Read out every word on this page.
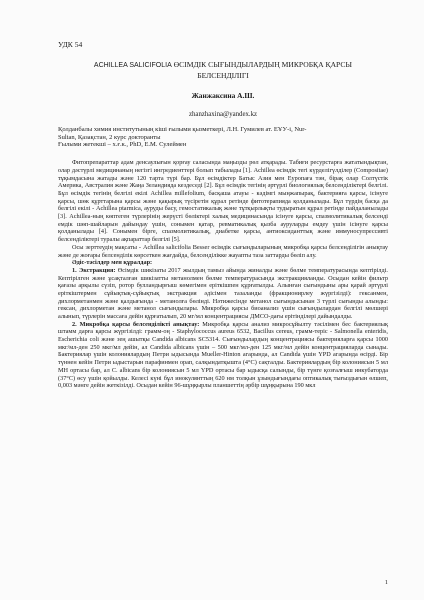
УДК 54
ACHILLEA SALICIFOLIA ӨСІМДІК СЫҒЫНДЫЛАРДЫҢ МИКРОБҚА ҚАРСЫ
БЕЛСЕНДІЛІГІ
Жанжаксина А.Ш.
zhanzhaxina@yandex.kz
Қолданбалы химия институтының кіші ғылыми қызметкері, Л.Н. Гумилев ат. ЕҰУ-і, Nur-
Sultan, Қазақстан, 2 курс докторанты
Ғылыми жетекші – х.ғ.к., PhD, Е.М. Сулеймен

Фитопрепараттар адам денсаулығын қорғау саласында маңызды рөл атқарады. Табиғи ресурстарға жататындықтан, олар дәстүрлі медицинаның негізгі ингредиенттері болып табылады [1]. Achillea өсімдік тегі күрделігүлділер (Compositae) тұқымдасына жатады және 120 тарта түрі бар. Бұл өсімдіктер Батыс Азия мен Еуропаға тән, бірақ олар Солтүстік Америка, Австралия және Жаңа Зеландияда кездеседі [2]. Бұл өсімдік тегінің әртүрлі биологиялық белсенділіктері белгілі. Бұл өсімдік тегінің белгілі екілі Achillea millefolium, басқаша атауы - кәдімгі мыңжапырақ, бактерияға қарсы, ісінуге қарсы, шөк құрттарына қарсы және қақырық түсіретін құрал ретінде фитотерапияда қолданылады. Бұл түрдің басқа да белгілі екілі - Achillea ptarmica, ауруды басу, гемостатикалық және тұтқырлықты тудыратын құрал ретінде пайдаланылады [3]. Achillea-ның көптеген түрлерінің жерүсті бөліктері халық медицинасында ісінуге қарсы, спазмолитикалық белсенді емдік шөп-шайларын дайындау үшін, сонымен қатар, ревматикалық қызба ауруларды емдеу үшін ісінуге қарсы қолданылады [4]. Сонымен бірге, спазмолитикалық, диабетке қарсы, антиоксиданттық және иммуносупрессивті белсенділіктері туралы ақпараттар белгілі [5].

Осы зерттеудің мақсаты - Achillea salicifolia Besser өсімдік сығындыларының микробқа қарсы белсенділігін анықтау және де жоғары белсенділік көрсеткен жағдайда, белсенділікке жауапты таза заттарды бөліп алу.

Әдіс-тәсілдер мен құралдар:

1. Экстракция: Өсімдік шикізаты 2017 жылдың тамыз айында жиналды және бөлме температурасында кептірілді. Кептірілген және ұсақталған шикізатты метанолмен бөлме температурасында экстракцияланды. Осыдан кейін фильтр қағазы арқылы сүзіп, ротор булландырғыш көмегімен еріткішпен құрғатылды. Алынған сығындыны ары қарай әртүрлі еріткіштермен сұйықтық-сұйықтық экстракция әдісімен тазаланды (фракционирлеу жүргізілді): гексанмен, дихлорметанмен және қалдығында - метанолға бөлінді. Нәтижесінде метанол сығындысынан 3 түрлі сығынды алынды: гексан, дихлорметан және метанол сығындылары. Микробқа қарсы биоанализ үшін сығындылардан белгілі мөлшері алынып, түрлерін массаға дейін құрғатылып, 20 мг/мл концентрациясы ДМСО-дағы ерітінділері дайындалды.

2. Микробқа қарсы белсенділікті анықтау: Микробқа қарсы анализ микросұйылту тәсілімен бес бактериялық штамм дарға қарсы жүргізілді: грамм-оң - Staphylococcus aureus 6532, Bacillus cereus, грамм-теріс - Salmonella enteridis, Escherichia coli және зең ашытқы Candida albicans SC5314. Сығындылардың концентрациясы бактерияларға қарсы 1000 мкг/мл-ден 250 мкг/мл дейін, ал Candida albicans үшін – 500 мкг/мл-ден 125 мкг/мл дейін концентрацияларда сынады. Бактериялар үшін колониялардың Петри ыдысында Mueller-Hinton агарында, ал Candida үшін YPD агарында өсірді. Бір түннен кейін Петри ыдыстарын парафинмен орап, салқындатқышта (4°С) сақталды. Бактериялардың бір колониясын 5 мл МН ортасы бар, ал С. albicans бір колониясын 5 мл YPD ортасы бар ыдысқа салынды, бір түнге қозғалғыш инкубаторда (37°С) өсу үшін қойылды. Келесі күні бұл инокулянттың 620 нм толқын ұзындығындағы оптикалық тығыздығын өлшеп, 0,003 мәнге дейін жеткізілді. Осыдан кейін 96-шұңқырлы планшеттің әрбір шұңқырына 190 мкл

1
